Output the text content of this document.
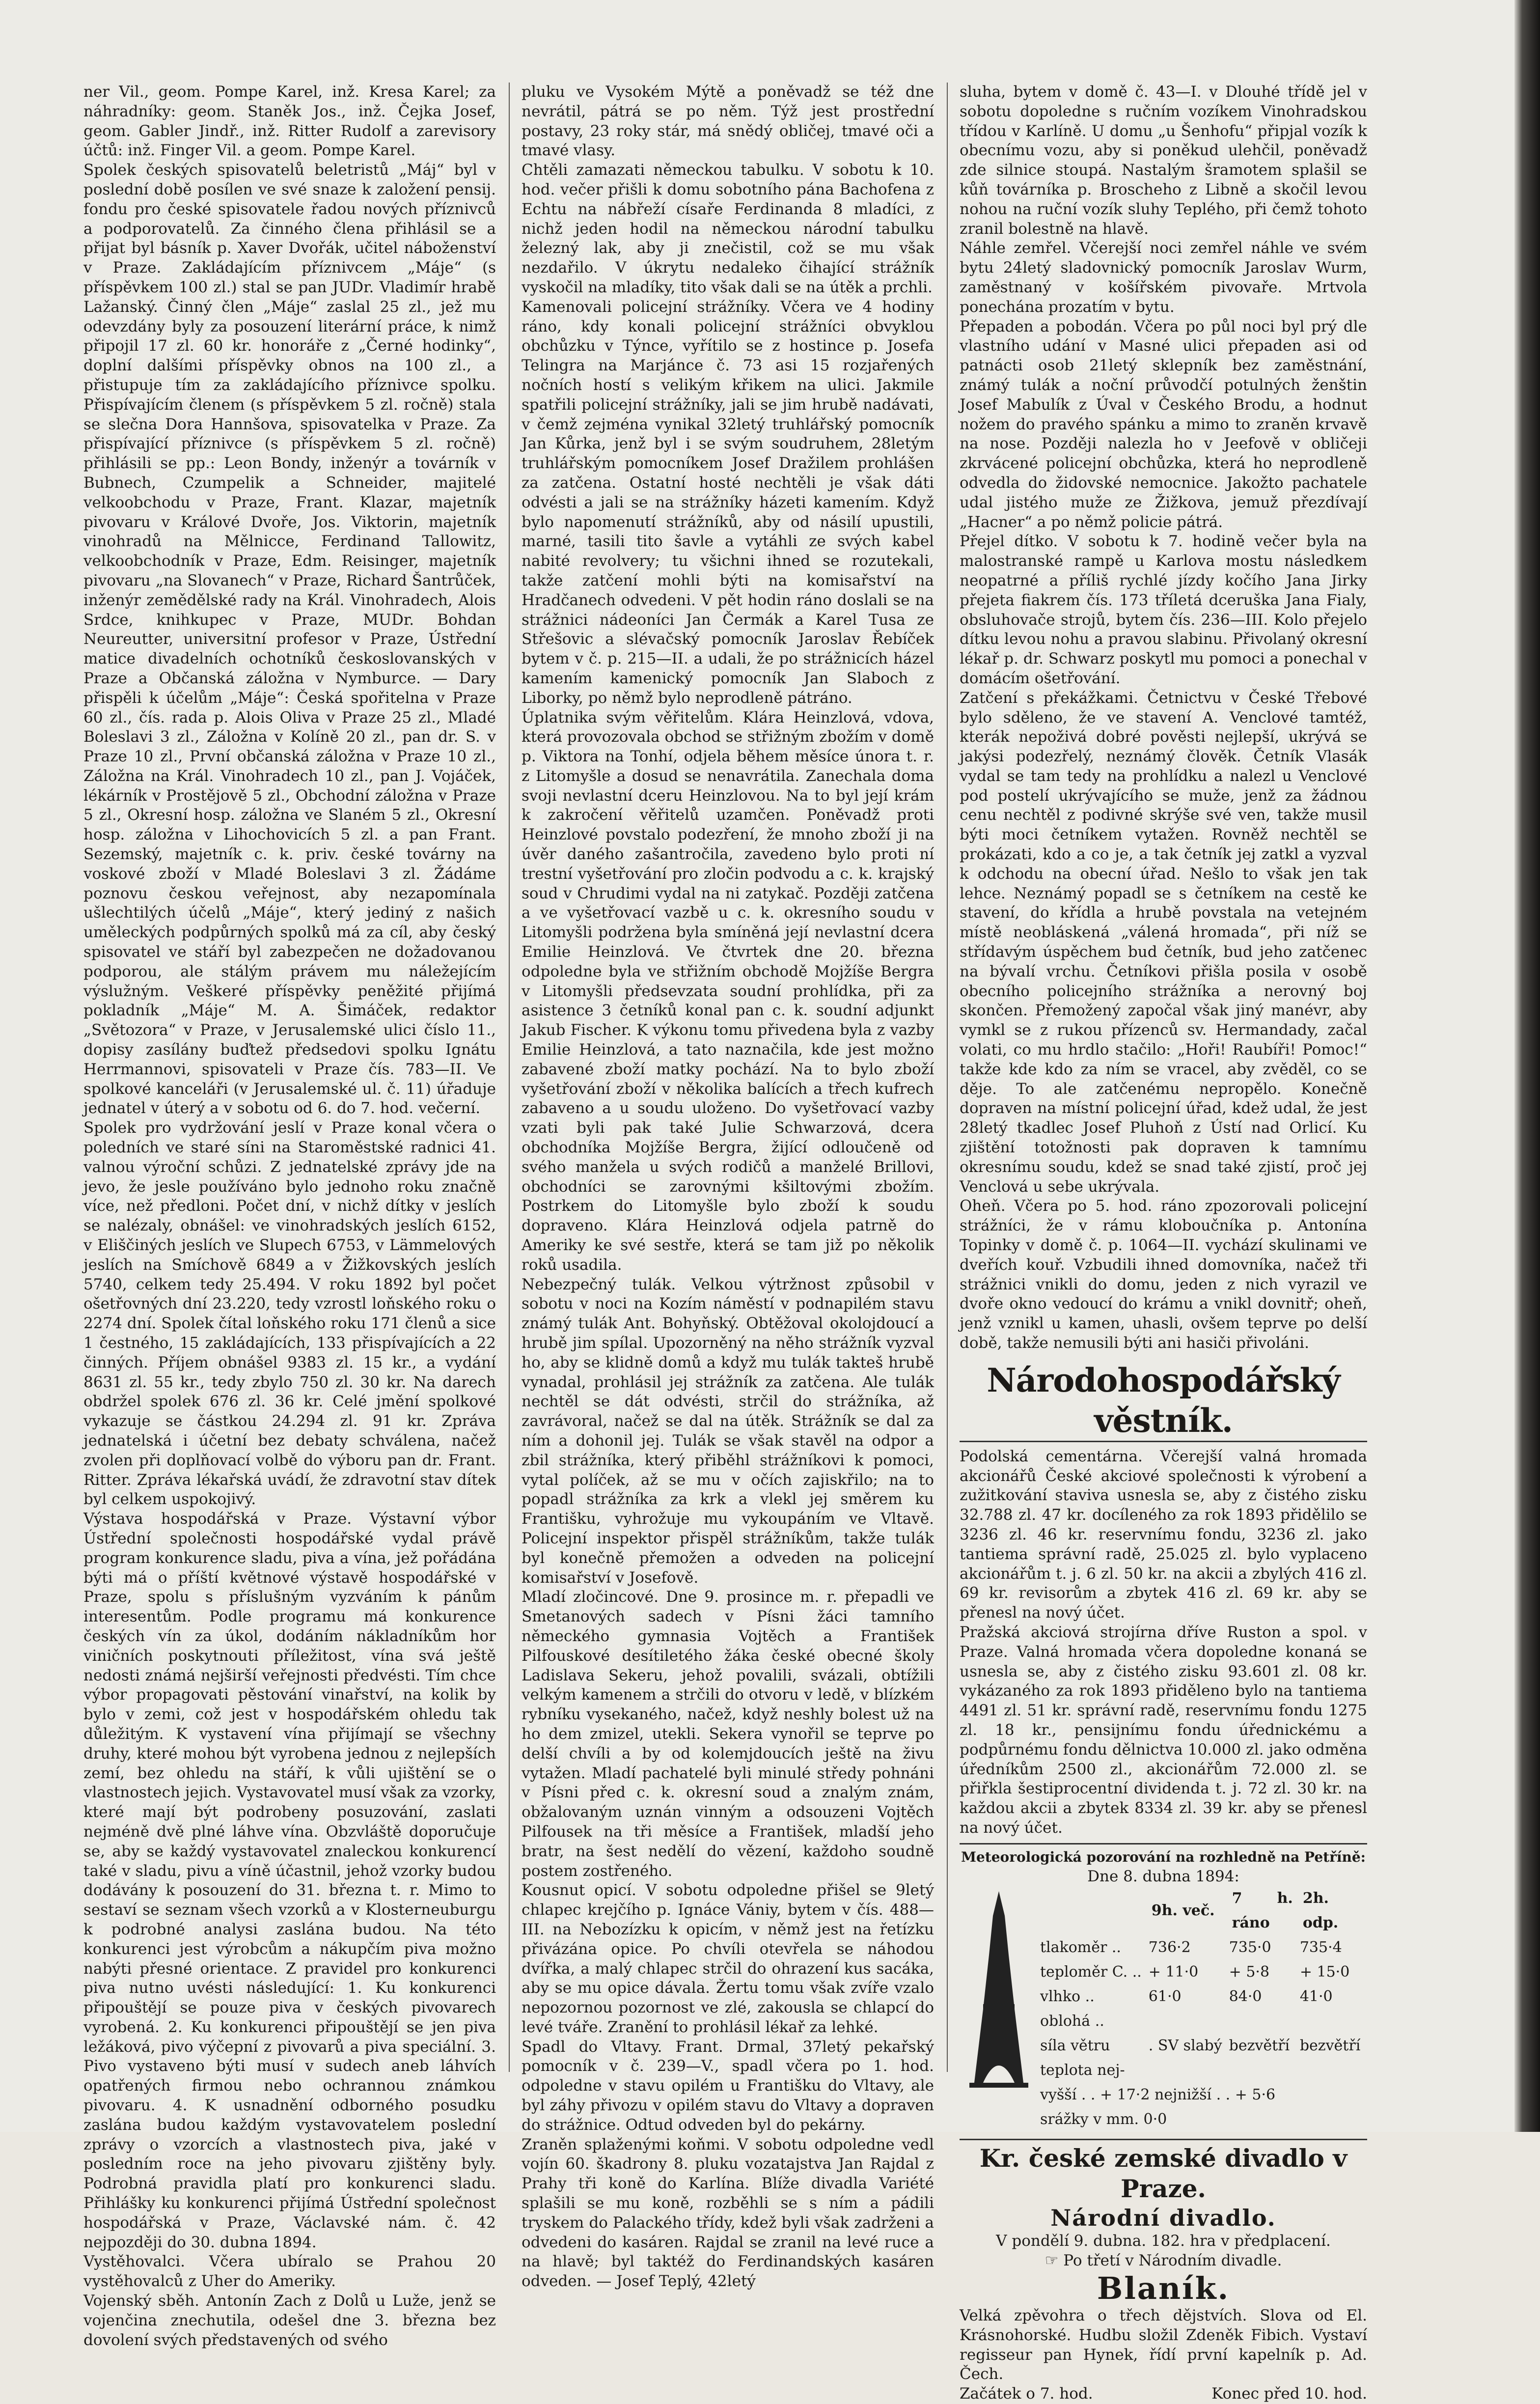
ner Vil., geom. Pompe Karel, inž. Kresa Karel; za náhradníky: geom. Staněk Jos., inž. Čejka Josef, geom. Gabler Jindř., inž. Ritter Rudolf a zarevisory účtů: inž. Finger Vil. a geom. Pompe Karel.

Spolek českých spisovatelů beletristů „Máj“ byl v poslední době posílen ve své snaze k založení pensij. fondu pro české spisovatele řadou nových příznivců a podporovatelů. Za činného člena přihlásil se a přijat byl básník p. Xaver Dvořák, učitel náboženství v Praze. Zakládajícím příznivcem „Máje“ (s příspěvkem 100 zl.) stal se pan JUDr. Vladimír hrabě Lažanský. Činný člen „Máje“ zaslal 25 zl., jež mu odevzdány byly za posouzení literární práce, k nimž připojil 17 zl. 60 kr. honoráře z „Černé hodinky“, doplní dalšími příspěvky obnos na 100 zl., a přistupuje tím za zakládajícího příznivce spolku. Přispívajícím členem (s příspěvkem 5 zl. ročně) stala se slečna Dora Hannšova, spisovatelka v Praze. Za přispívající příznivce (s příspěvkem 5 zl. ročně) přihlásili se pp.: Leon Bondy, inženýr a továrník v Bubnech, Czumpelik a Schneider, majitelé velkoobchodu v Praze, Frant. Klazar, majetník pivovaru v Králové Dvoře, Jos. Viktorin, majetník vinohradů na Mělnicce, Ferdinand Tallowitz, velkoobchodník v Praze, Edm. Reisinger, majetník pivovaru „na Slovanech“ v Praze, Richard Šantrůček, inženýr zemědělské rady na Král. Vinohradech, Alois Srdce, knihkupec v Praze, MUDr. Bohdan Neureutter, universitní profesor v Praze, Ústřední matice divadelních ochotníků českoslovanských v Praze a Občanská záložna v Nymburce. — Dary přispěli k účelům „Máje“: Česká spořitelna v Praze 60 zl., čís. rada p. Alois Oliva v Praze 25 zl., Mladé Boleslavi 3 zl., Záložna v Kolíně 20 zl., pan dr. S. v Praze 10 zl., První občanská záložna v Praze 10 zl., Záložna na Král. Vinohradech 10 zl., pan J. Vojáček, lékárník v Prostějově 5 zl., Obchodní záložna v Praze 5 zl., Okresní hosp. záložna ve Slaném 5 zl., Okresní hosp. záložna v Lihochovicích 5 zl. a pan Frant. Sezemský, majetník c. k. priv. české továrny na voskové zboží v Mladé Boleslavi 3 zl. Žádáme poznovu českou veřejnost, aby nezapomínala ušlechtilých účelů „Máje“, který jediný z našich uměleckých podpůrných spolků má za cíl, aby český spisovatel ve stáří byl zabezpečen ne dožadovanou podporou, ale stálým právem mu náležejícím výslužným. Veškeré příspěvky peněžité přijímá pokladník „Máje“ M. A. Šimáček, redaktor „Světozora“ v Praze, v Jerusalemské ulici číslo 11., dopisy zasílány buďtež předsedovi spolku Ignátu Herrmannovi, spisovateli v Praze čís. 783—II. Ve spolkové kanceláři (v Jerusalemské ul. č. 11) úřaduje jednatel v úterý a v sobotu od 6. do 7. hod. večerní.

Spolek pro vydržování jeslí v Praze konal včera o poledních ve staré síni na Staroměstské radnici 41. valnou výroční schůzi. Z jednatelské zprávy jde na jevo, že jesle používáno bylo jednoho roku značně více, než předloni. Počet dní, v nichž dítky v jeslích se nalézaly, obnášel: ve vinohradských jeslích 6152, v Eliščiných jeslích ve Slupech 6753, v Lämmelových jeslích na Smíchově 6849 a v Žižkovských jeslích 5740, celkem tedy 25.494. V roku 1892 byl počet ošetřovných dní 23.220, tedy vzrostl loňského roku o 2274 dní. Spolek čítal loňského roku 171 členů a sice 1 čestného, 15 zakládajících, 133 přispívajících a 22 činných. Příjem obnášel 9383 zl. 15 kr., a vydání 8631 zl. 55 kr., tedy zbylo 750 zl. 30 kr. Na darech obdržel spolek 676 zl. 36 kr. Celé jmění spolkové vykazuje se částkou 24.294 zl. 91 kr. Zpráva jednatelská i účetní bez debaty schválena, načež zvolen při doplňovací volbě do výboru pan dr. Frant. Ritter. Zpráva lékařská uvádí, že zdravotní stav dítek byl celkem uspokojivý.

Výstava hospodářská v Praze. Výstavní výbor Ústřední společnosti hospodářské vydal právě program konkurence sladu, piva a vína, jež pořádána býti má o příští květnové výstavě hospodářské v Praze, spolu s příslušným vyzváním k pánům interesentům. Podle programu má konkurence českých vín za úkol, dodáním nákladníkům hor viničních poskytnouti příležitost, vína svá ještě nedosti známá nejširší veřejnosti předvésti. Tím chce výbor propagovati pěstování vinařství, na kolik by bylo v zemi, což jest v hospodářském ohledu tak důležitým. K vystavení vína přijímají se všechny druhy, které mohou být vyrobena jednou z nejlepších zemí, bez ohledu na stáří, k vůli ujištění se o vlastnostech jejich. Vystavovatel musí však za vzorky, které mají být podrobeny posuzování, zaslati nejméně dvě plné láhve vína. Obzvláště doporučuje se, aby se každý vystavovatel znaleckou konkurencí také v sladu, pivu a víně účastnil, jehož vzorky budou dodávány k posouzení do 31. března t. r. Mimo to sestaví se seznam všech vzorků a v Klosterneuburgu k podrobné analysi zaslána budou. Na této konkurenci jest výrobcům a nákupčím piva možno nabýti přesné orientace. Z pravidel pro konkurenci piva nutno uvésti následující: 1. Ku konkurenci připouštějí se pouze piva v českých pivovarech vyrobená. 2. Ku konkurenci připouštějí se jen piva ležáková, pivo výčepní z pivovarů a piva speciální. 3. Pivo vystaveno býti musí v sudech aneb láhvích opatřených firmou nebo ochrannou známkou pivovaru. 4. K usnadnění odborného posudku zaslána budou každým vystavovatelem poslední zprávy o vzorcích a vlastnostech piva, jaké v posledním roce na jeho pivovaru zjištěny byly. Podrobná pravidla platí pro konkurenci sladu. Přihlášky ku konkurenci přijímá Ústřední společnost hospodářská v Praze, Václavské nám. č. 42 nejpozději do 30. dubna 1894.

Vystěhovalci. Včera ubíralo se Prahou 20 vystěhovalců z Uher do Ameriky.

Vojenský sběh. Antonín Zach z Dolů u Luže, jenž se vojenčina znechutila, odešel dne 3. března bez dovolení svých představených od svého

pluku ve Vysokém Mýtě a poněvadž se též dne nevrátil, pátrá se po něm. Týž jest prostřední postavy, 23 roky stár, má snědý obličej, tmavé oči a tmavé vlasy.

Chtěli zamazati německou tabulku. V sobotu k 10. hod. večer přišli k domu sobotního pána Bachofena z Echtu na nábřeží císaře Ferdinanda 8 mladíci, z nichž jeden hodil na německou národní tabulku železný lak, aby ji znečistil, což se mu však nezdařilo. V úkrytu nedaleko čihající strážník vyskočil na mladíky, tito však dali se na útěk a prchli.

Kamenovali policejní strážníky. Včera ve 4 hodiny ráno, kdy konali policejní strážníci obvyklou obchůzku v Týnce, vyřítilo se z hostince p. Josefa Telingra na Marjánce č. 73 asi 15 rozjařených nočních hostí s velikým křikem na ulici. Jakmile spatřili policejní strážníky, jali se jim hrubě nadávati, v čemž zejména vynikal 32letý truhlářský pomocník Jan Kůrka, jenž byl i se svým soudruhem, 28letým truhlářským pomocníkem Josef Dražilem prohlášen za zatčena. Ostatní hosté nechtěli je však dáti odvésti a jali se na strážníky házeti kamením. Když bylo napomenutí strážníků, aby od násilí upustili, marné, tasili tito šavle a vytáhli ze svých kabel nabité revolvery; tu všichni ihned se rozutekali, takže zatčení mohli býti na komisařství na Hradčanech odvedeni. V pět hodin ráno doslali se na strážnici nádeoníci Jan Čermák a Karel Tusa ze Střešovic a slévačský pomocník Jaroslav Řebíček bytem v č. p. 215—II. a udali, že po strážnicích házel kamením kamenický pomocník Jan Slaboch z Liborky, po němž bylo neprodleně pátráno.

Úplatnika svým věřitelům. Klára Heinzlová, vdova, která provozovala obchod se střižným zbožím v domě p. Viktora na Tonhí, odjela během měsíce února t. r. z Litomyšle a dosud se nenavrátila. Zanechala doma svoji nevlastní dceru Heinzlovou. Na to byl její krám k zakročení věřitelů uzamčen. Poněvadž proti Heinzlové povstalo podezření, že mnoho zboží ji na úvěr daného zašantročila, zavedeno bylo proti ní trestní vyšetřování pro zločin podvodu a c. k. krajský soud v Chrudimi vydal na ni zatykač. Později zatčena a ve vyšetřovací vazbě u c. k. okresního soudu v Litomyšli podržena byla smíněná její nevlastní dcera Emilie Heinzlová. Ve čtvrtek dne 20. března odpoledne byla ve střižním obchodě Mojžíše Bergra v Litomyšli předsevzata soudní prohlídka, při za asistence 3 četníků konal pan c. k. soudní adjunkt Jakub Fischer. K výkonu tomu přivedena byla z vazby Emilie Heinzlová, a tato naznačila, kde jest možno zabavené zboží matky pochází. Na to bylo zboží vyšetřování zboží v několika balících a třech kufrech zabaveno a u soudu uloženo. Do vyšetřovací vazby vzati byli pak také Julie Schwarzová, dcera obchodníka Mojžíše Bergra, žijící odloučeně od svého manžela u svých rodičů a manželé Brillovi, obchodníci se zarovnými kšiltovými zbožím. Postrkem do Litomyšle bylo zboží k soudu dopraveno. Klára Heinzlová odjela patrně do Ameriky ke své sestře, která se tam již po několik roků usadila.

Nebezpečný tulák. Velkou výtržnost způsobil v sobotu v noci na Kozím náměstí v podnapilém stavu známý tulák Ant. Bohyňský. Obtěžoval okolojdoucí a hrubě jim spílal. Upozorněný na něho strážník vyzval ho, aby se klidně domů a když mu tulák takteš hrubě vynadal, prohlásil jej strážník za zatčena. Ale tulák nechtěl se dát odvésti, strčil do strážníka, až zavrávoral, načež se dal na útěk. Strážník se dal za ním a dohonil jej. Tulák se však stavěl na odpor a zbil strážníka, který přiběhl strážníkovi k pomoci, vytal políček, až se mu v očích zajiskřilo; na to popadl strážníka za krk a vlekl jej směrem ku Františku, vyhrožuje mu vykoupáním ve Vltavě. Policejní inspektor přispěl strážníkům, takže tulák byl konečně přemožen a odveden na policejní komisařství v Josefově.

Mladí zločincové. Dne 9. prosince m. r. přepadli ve Smetanových sadech v Písni žáci tamního německého gymnasia Vojtěch a František Pilfouskové desítiletého žáka české obecné školy Ladislava Sekeru, jehož povalili, svázali, obtížili velkým kamenem a strčili do otvoru v ledě, v blízkém rybníku vysekaného, načež, když neshly bolest už na ho dem zmizel, utekli. Sekera vynořil se teprve po delší chvíli a by od kolemjdoucích ještě na živu vytažen. Mladí pachatelé byli minulé středy pohnáni v Písni před c. k. okresní soud a znalým znám, obžalovaným uznán vinným a odsouzeni Vojtěch Pilfousek na tři měsíce a František, mladší jeho bratr, na šest nedělí do vězení, každoho soudně postem zostřeného.

Kousnut opicí. V sobotu odpoledne přišel se 9letý chlapec krejčího p. Ignáce Vániy, bytem v čís. 488—III. na Nebozízku k opicím, v němž jest na řetízku přivázána opice. Po chvíli otevřela se náhodou dvířka, a malý chlapec strčil do ohrazení kus sacáka, aby se mu opice dávala. Žertu tomu však zvíře vzalo nepozornou pozornost ve zlé, zakousla se chlapcí do levé tváře. Zranění to prohlásil lékař za lehké.

Spadl do Vltavy. Frant. Drmal, 37letý pekařský pomocník v č. 239—V., spadl včera po 1. hod. odpoledne v stavu opilém u Františku do Vltavy, ale byl záhy přivozu v opilém stavu do Vltavy a dopraven do strážnice. Odtud odveden byl do pekárny.

Zraněn splaženými koňmi. V sobotu odpoledne vedl vojín 60. škadrony 8. pluku vozatajstva Jan Rajdal z Prahy tři koně do Karlína. Blíže divadla Variété splašili se mu koně, rozběhli se s ním a pádili tryskem do Palackého třídy, kdež byli však zadrženi a odvedeni do kasáren. Rajdal se zranil na levé ruce a na hlavě; byl taktéž do Ferdinandských kasáren odveden. — Josef Teplý, 42letý

sluha, bytem v domě č. 43—I. v Dlouhé třídě jel v sobotu dopoledne s ručním vozíkem Vinohradskou třídou v Karlíně. U domu „u Šenhofu“ připjal vozík k obecnímu vozu, aby si poněkud ulehčil, poněvadž zde silnice stoupá. Nastalým šramotem splašil se kůň továrníka p. Broscheho z Libně a skočil levou nohou na ruční vozík sluhy Teplého, při čemž tohoto zranil bolestně na hlavě.

Náhle zemřel. Včerejší noci zemřel náhle ve svém bytu 24letý sladovnický pomocník Jaroslav Wurm, zaměstnaný v košířském pivovaře. Mrtvola ponechána prozatím v bytu.

Přepaden a pobodán. Včera po půl noci byl prý dle vlastního udání v Masné ulici přepaden asi od patnácti osob 21letý sklepník bez zaměstnání, známý tulák a noční průvodčí potulných ženštin Josef Mabulík z Úval v Českého Brodu, a hodnut nožem do pravého spánku a mimo to zraněn krvavě na nose. Později nalezla ho v Jeefově v obličeji zkrvácené policejní obchůzka, která ho neprodleně odvedla do židovské nemocnice. Jakožto pachatele udal jistého muže ze Žižkova, jemuž přezdívají „Hacner“ a po němž policie pátrá.

Přejel dítko. V sobotu k 7. hodině večer byla na malostranské rampě u Karlova mostu následkem neopatrné a příliš rychlé jízdy kočího Jana Jirky přejeta fiakrem čís. 173 tříletá dceruška Jana Fialy, obsluhovače strojů, bytem čís. 236—III. Kolo přejelo dítku levou nohu a pravou slabinu. Přivolaný okresní lékař p. dr. Schwarz poskytl mu pomoci a ponechal v domácím ošetřování.

Zatčení s překážkami. Četnictvu v České Třebové bylo sděleno, že ve stavení A. Venclové tamtéž, kterák nepoživá dobré pověsti nejlepší, ukrývá se jakýsi podezřelý, neznámý člověk. Četník Vlasák vydal se tam tedy na prohlídku a nalezl u Venclové pod postelí ukrývajícího se muže, jenž za žádnou cenu nechtěl z podivné skrýše své ven, takže musil býti moci četníkem vytažen. Rovněž nechtěl se prokázati, kdo a co je, a tak četník jej zatkl a vyzval k odchodu na obecní úřad. Nešlo to však jen tak lehce. Neznámý popadl se s četníkem na cestě ke stavení, do křídla a hrubě povstala na vetejném místě neobláskená „válená hromada“, při níž se střídavým úspěchem bud četník, bud jeho zatčenec na bývalí vrchu. Četníkovi přišla posila v osobě obecního policejního strážníka a nerovný boj skončen. Přemožený započal však jiný manévr, aby vymkl se z rukou přízenců sv. Hermandady, začal volati, co mu hrdlo stačilo: „Hoři! Raubíři! Pomoc!“ takže kde kdo za ním se vracel, aby zvěděl, co se děje. To ale zatčenému nepropělo. Konečně dopraven na místní policejní úřad, kdež udal, že jest 28letý tkadlec Josef Pluhoň z Ústí nad Orlicí. Ku zjištění totožnosti pak dopraven k tamnímu okresnímu soudu, kdež se snad také zjistí, proč jej Venclová u sebe ukrývala.

Oheň. Včera po 5. hod. ráno zpozorovali policejní strážníci, že v rámu kloboučníka p. Antonína Topinky v domě č. p. 1064—II. vychází skulinami ve dveřích kouř. Vzbudili ihned domovníka, načež tři strážnici vnikli do domu, jeden z nich vyrazil ve dvoře okno vedoucí do krámu a vnikl dovnitř; oheň, jenž vznikl u kamen, uhasli, ovšem teprve po delší době, takže nemusili býti ani hasiči přivoláni.

Národohospodářský věstník.

Podolská cementárna. Včerejší valná hromada akcionářů České akciové společnosti k výrobení a zužitkování staviva usnesla se, aby z čistého zisku 32.788 zl. 47 kr. docíleného za rok 1893 přidělilo se 3236 zl. 46 kr. reservnímu fondu, 3236 zl. jako tantiema správní radě, 25.025 zl. bylo vyplaceno akcionářům t. j. 6 zl. 50 kr. na akcii a zbylých 416 zl. 69 kr. revisorům a zbytek 416 zl. 69 kr. aby se přenesl na nový účet.

Pražská akciová strojírna dříve Ruston a spol. v Praze. Valná hromada včera dopoledne konaná se usnesla se, aby z čistého zisku 93.601 zl. 08 kr. vykázaného za rok 1893 přiděleno bylo na tantiema 4491 zl. 51 kr. správní radě, reservnímu fondu 1275 zl. 18 kr., pensijnímu fondu úřednickému a podpůrnému fondu dělnictva 10.000 zl. jako odměna úředníkům 2500 zl., akcionářům 72.000 zl. se přiřkla šestiprocentní dividenda t. j. 72 zl. 30 kr. na každou akcii a zbytek 8334 zl. 39 kr. aby se přenesl na nový účet.

Meteorologická pozorování na rozhledně na Petříně:
Dne 8. dubna 1894:
	9h. več.	7 h. ráno	2h. odp.
tlakoměr ..	736·2	735·0	735·4
teploměr C. ..	+ 11·0	+ 5·8	+ 15·0
vlhko ..	61·0	84·0	41·0
oblohá ..			
síla větru	. SV slabý	bezvětří	bezvětří
teplota nej-			
vyšší . . + 17·2 nejnižší . . + 5·6			
srážky v mm. 0·0			
Kr. české zemské divadlo v Praze.
Národní divadlo.
V pondělí 9. dubna. 182. hra v předplacení.
☞ Po třetí v Národním divadle.
Blaník.

Velká zpěvohra o třech dějstvích. Slova od El. Krásnohorské. Hudbu složil Zdeněk Fibich. Vystaví regisseur pan Hynek, řídí první kapelník p. Ad. Čech.

Začátek o 7. hod.	Konec před 10. hod.
